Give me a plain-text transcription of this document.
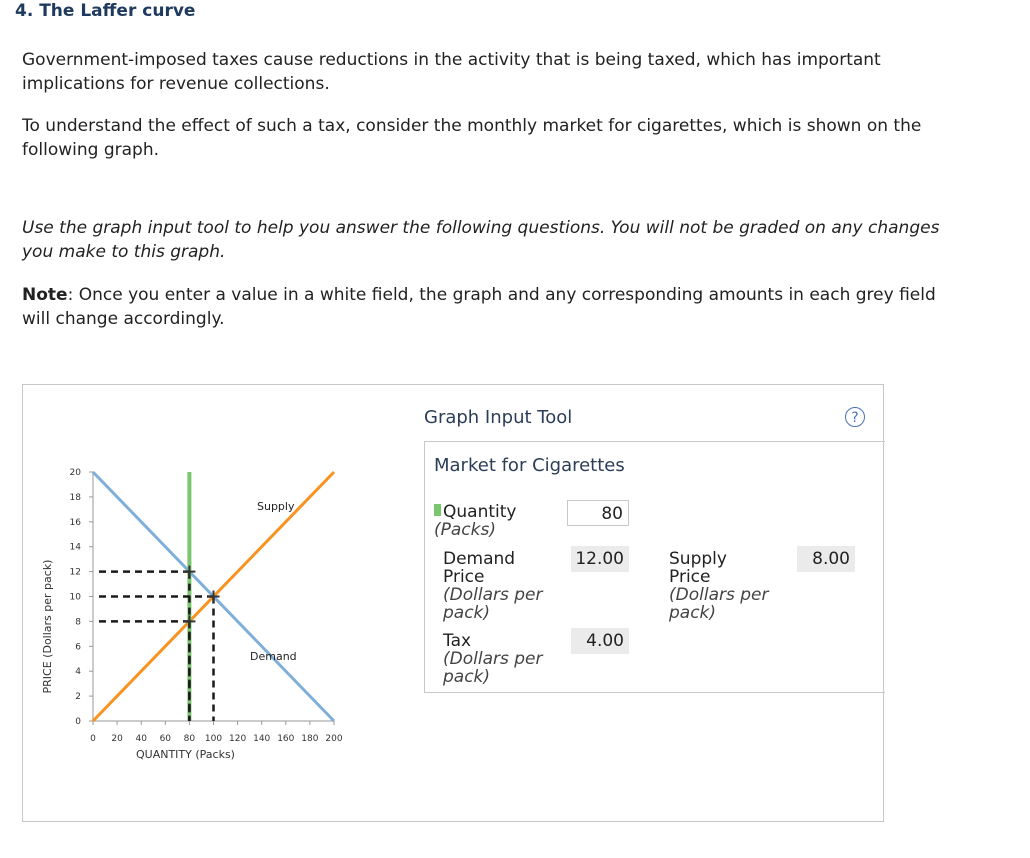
4. The Laffer curve

Government-imposed taxes cause reductions in the activity that is being taxed, which has important implications for revenue collections.

To understand the effect of such a tax, consider the monthly market for cigarettes, which is shown on the following graph.

Use the graph input tool to help you answer the following questions. You will not be graded on any changes you make to this graph.

Note: Once you enter a value in a white field, the graph and any corresponding amounts in each grey field will change accordingly.

0
2
4
6
8
10
12
14
16
18
20
0 20 40 60 80 100 120 140 160 180 200
QUANTITY (Packs)
PRICE (Dollars per pack)
Supply
Demand
Graph Input Tool	?
Market for Cigarettes
Quantity
(Packs)
80
Demand
Price
(Dollars per
pack)
12.00	Supply
Price
(Dollars per
pack)
8.00
Tax
(Dollars per
pack)
4.00
